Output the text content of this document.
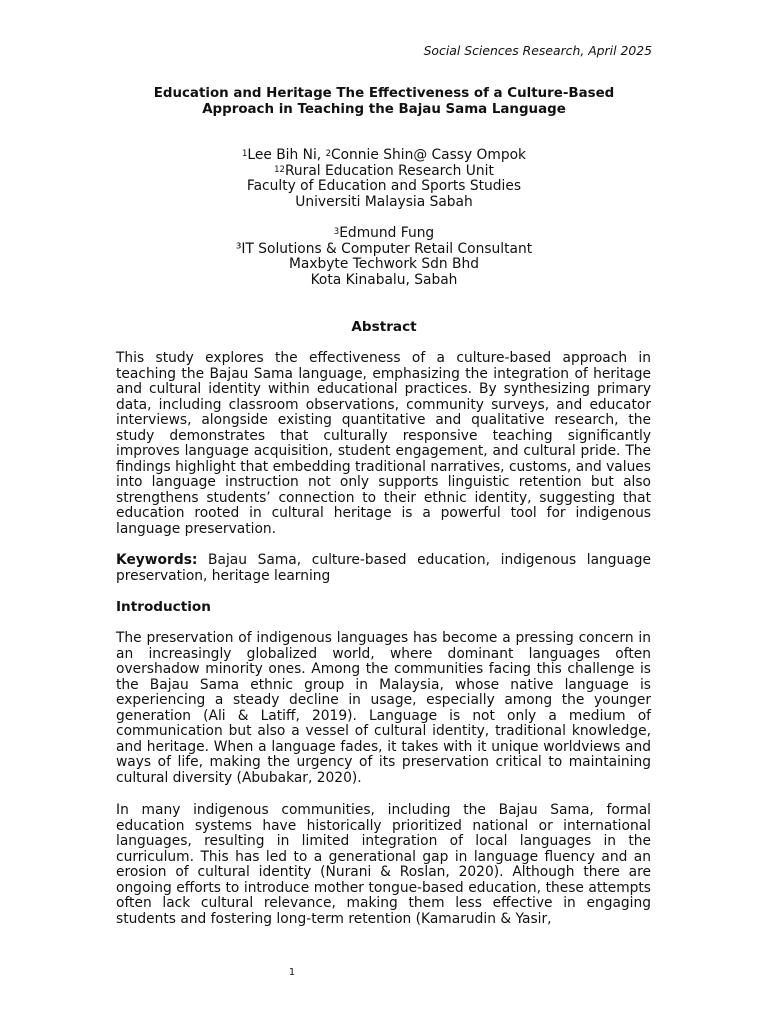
Social Sciences Research, April 2025
Education and Heritage The Effectiveness of a Culture-Based
Approach in Teaching the Bajau Sama Language
$^1$Lee Bih Ni, $^2$Connie Shin@ Cassy Ompok
$^{12}$Rural Education Research Unit
Faculty of Education and Sports Studies
Universiti Malaysia Sabah
$^3$Edmund Fung
³IT Solutions & Computer Retail Consultant
Maxbyte Techwork Sdn Bhd
Kota Kinabalu, Sabah
Abstract

This study explores the effectiveness of a culture-based approach in teaching the Bajau Sama language, emphasizing the integration of heritage and cultural identity within educational practices. By synthesizing primary data, including classroom observations, community surveys, and educator interviews, alongside existing quantitative and qualitative research, the study demonstrates that culturally responsive teaching significantly improves language acquisition, student engagement, and cultural pride. The findings highlight that embedding traditional narratives, customs, and values into language instruction not only supports linguistic retention but also strengthens students’ connection to their ethnic identity, suggesting that education rooted in cultural heritage is a powerful tool for indigenous language preservation.

Keywords: Bajau Sama, culture-based education, indigenous language preservation, heritage learning

Introduction

The preservation of indigenous languages has become a pressing concern in an increasingly globalized world, where dominant languages often overshadow minority ones. Among the communities facing this challenge is the Bajau Sama ethnic group in Malaysia, whose native language is experiencing a steady decline in usage, especially among the younger generation (Ali & Latiff, 2019). Language is not only a medium of communication but also a vessel of cultural identity, traditional knowledge, and heritage. When a language fades, it takes with it unique worldviews and ways of life, making the urgency of its preservation critical to maintaining cultural diversity (Abubakar, 2020).

In many indigenous communities, including the Bajau Sama, formal education systems have historically prioritized national or international languages, resulting in limited integration of local languages in the curriculum. This has led to a generational gap in language fluency and an erosion of cultural identity (Nurani & Roslan, 2020). Although there are ongoing efforts to introduce mother tongue-based education, these attempts often lack cultural relevance, making them less effective in engaging students and fostering long-term retention (Kamarudin & Yasir,

1
